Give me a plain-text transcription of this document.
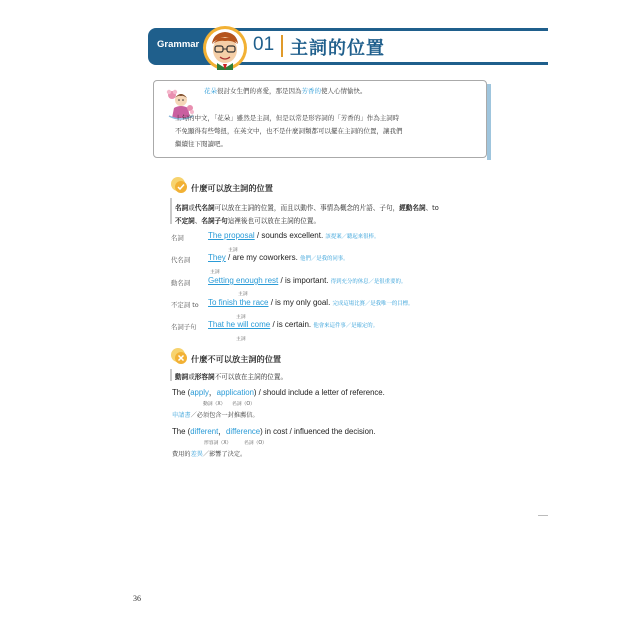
Grammar	01 主詞的位置
花朵很討女生們的喜愛，那是因為芳香的使人心情愉快。
上句的中文，「花朵」雖然是主詞，但是以常是形容詞的「芳香的」作為主詞時
不免顯得有些彆扭，在英文中，也不是什麼詞類都可以擺在主詞的位置，讓我們
繼續往下閱讀吧。
什麼可以放主詞的位置
名詞或代名詞可以放在主詞的位置，而且以動作、事情為概念的片語、子句，經動名詞、to
不定詞、名詞子句這裡後也可以放在主詞的位置。
名詞	The proposal / sounds excellent. 該提案／聽起來很棒。
主詞
代名詞 They / are my coworkers. 他們／是我的同事。
主詞
動名詞 Getting enough rest / is important. 得到充分的休息／是很重要的。
主詞
不定詞 to To finish the race / is my only goal. 完成這場比賽／是我唯一的目標。
主詞
名詞子句 That he will come / is certain. 他會來這件事／是確定的。
主詞
什麼不可以放主詞的位置
動詞或形容詞不可以放在主詞的位置。
The (apply，application) / should include a letter of reference.
動詞（X） 名詞（O）
申請書／必須包含一封推薦信。
The (different，difference) in cost / influenced the decision.
形容詞（X）	名詞（O）
費用的差異／影響了決定。
36
